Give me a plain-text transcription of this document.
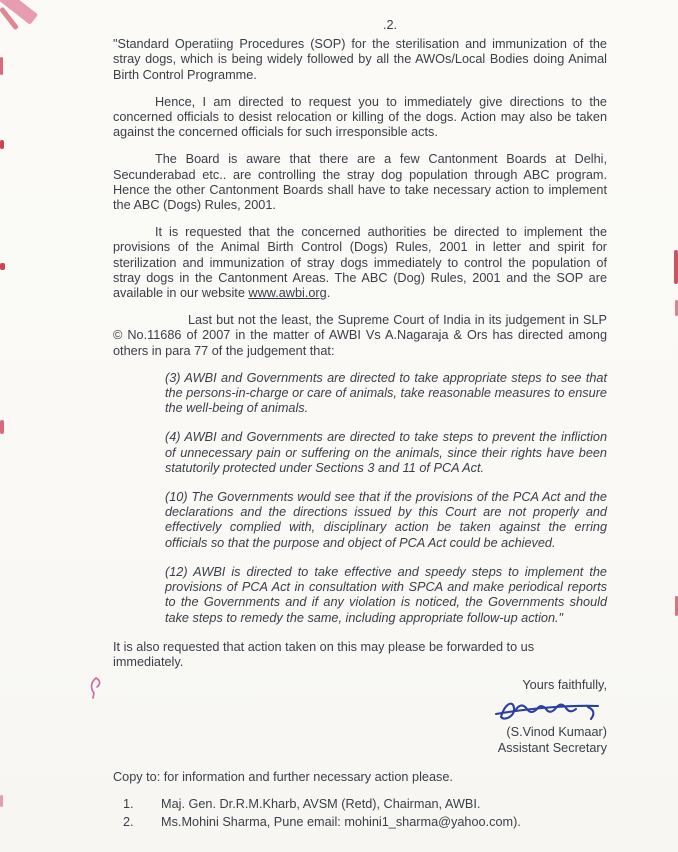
.2.

"Standard Operatiing Procedures (SOP) for the sterilisation and immunization of the stray dogs, which is being widely followed by all the AWOs/Local Bodies doing Animal Birth Control Programme.

Hence, I am directed to request you to immediately give directions to the concerned officials to desist relocation or killing of the dogs. Action may also be taken against the concerned officials for such irresponsible acts.

The Board is aware that there are a few Cantonment Boards at Delhi, Secunderabad etc.. are controlling the stray dog population through ABC program. Hence the other Cantonment Boards shall have to take necessary action to implement the ABC (Dogs) Rules, 2001.

It is requested that the concerned authorities be directed to implement the provisions of the Animal Birth Control (Dogs) Rules, 2001 in letter and spirit for sterilization and immunization of stray dogs immediately to control the population of stray dogs in the Cantonment Areas. The ABC (Dog) Rules, 2001 and the SOP are available in our website www.awbi.org.

Last but not the least, the Supreme Court of India in its judgement in SLP © No.11686 of 2007 in the matter of AWBI Vs A.Nagaraja & Ors has directed among others in para 77 of the judgement that:

(3) AWBI and Governments are directed to take appropriate steps to see that the persons-in-charge or care of animals, take reasonable measures to ensure the well-being of animals.

(4) AWBI and Governments are directed to take steps to prevent the infliction of unnecessary pain or suffering on the animals, since their rights have been statutorily protected under Sections 3 and 11 of PCA Act.

(10) The Governments would see that if the provisions of the PCA Act and the declarations and the directions issued by this Court are not properly and effectively complied with, disciplinary action be taken against the erring officials so that the purpose and object of PCA Act could be achieved.

(12) AWBI is directed to take effective and speedy steps to implement the provisions of PCA Act in consultation with SPCA and make periodical reports to the Governments and if any violation is noticed, the Governments should take steps to remedy the same, including appropriate follow-up action."

It is also requested that action taken on this may please be forwarded to us immediately.

Yours faithfully,
(S.Vinod Kumaar)
Assistant Secretary

Copy to: for information and further necessary action please.

1.	Maj. Gen. Dr.R.M.Kharb, AVSM (Retd), Chairman, AWBI.
2.	Ms.Mohini Sharma, Pune email: mohini1_sharma@yahoo.com).
